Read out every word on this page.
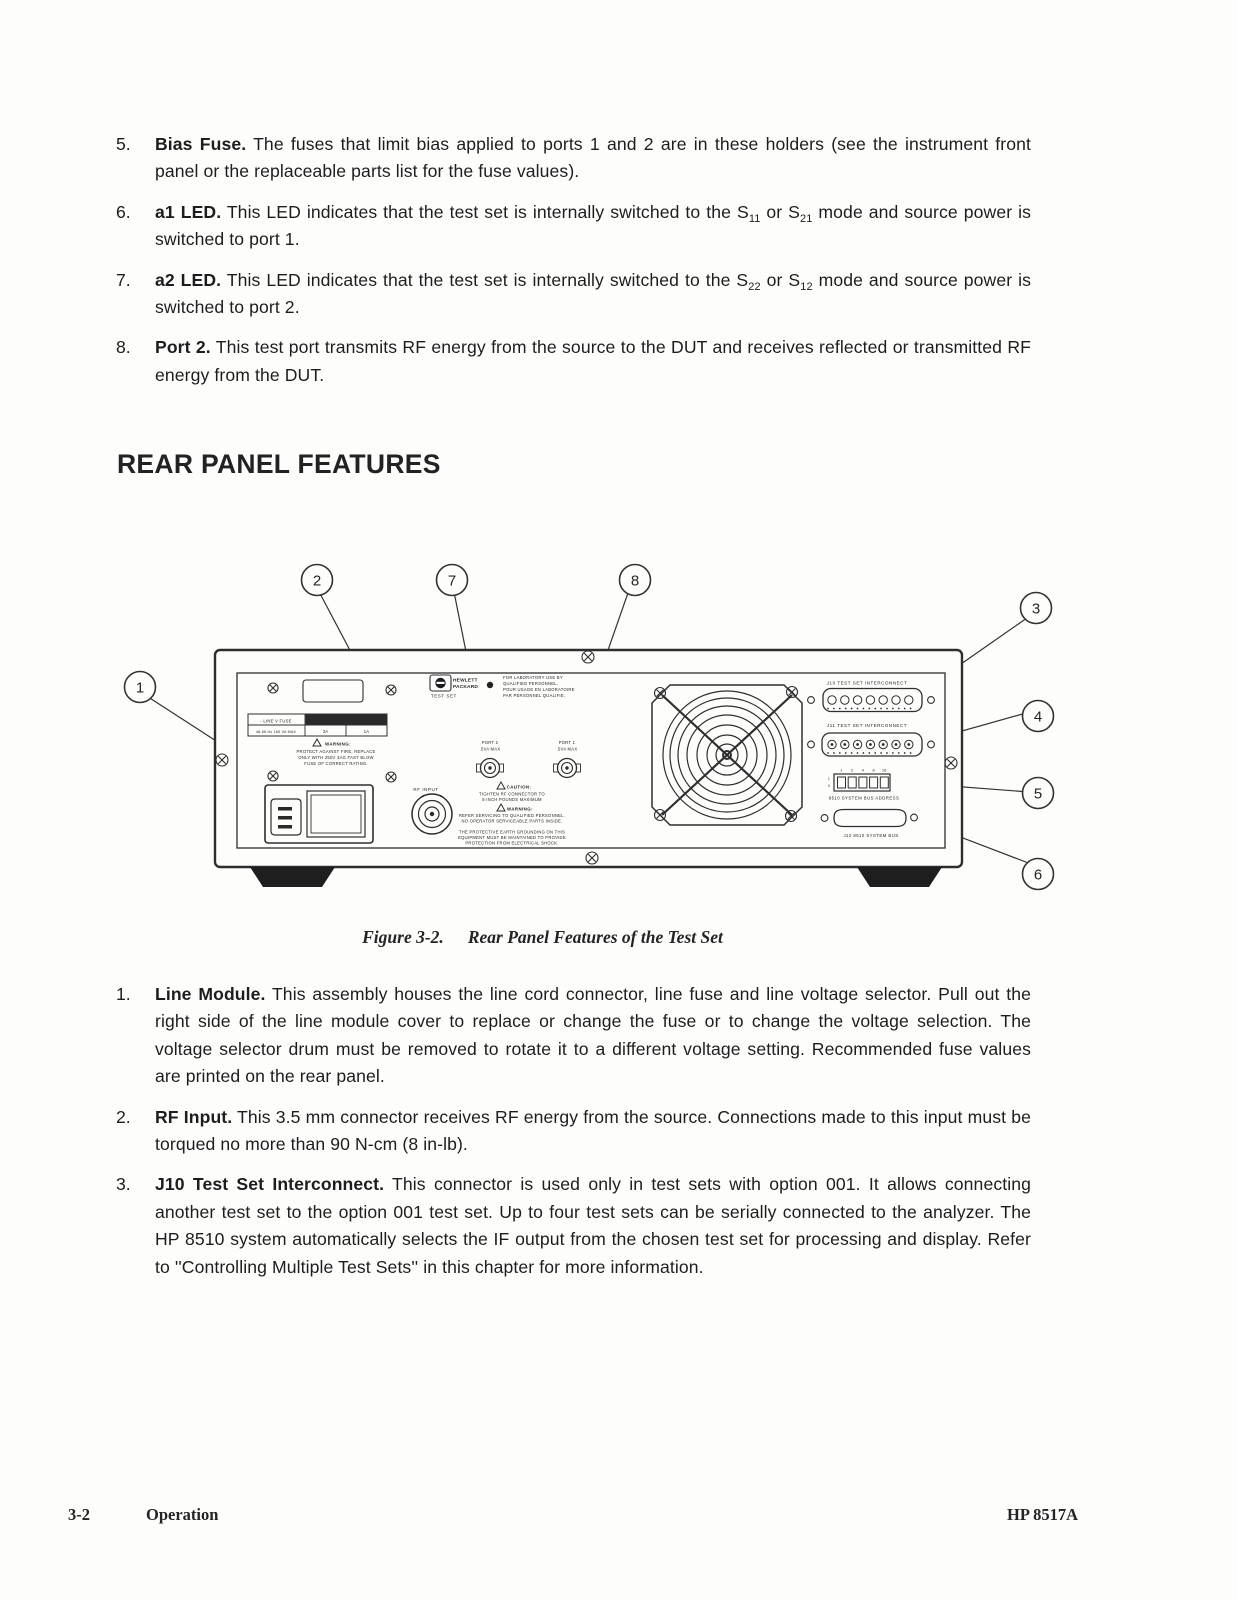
5.	Bias Fuse. The fuses that limit bias applied to ports 1 and 2 are in these holders (see the instrument front panel or the replaceable parts list for the fuse values).

6.	a1 LED. This LED indicates that the test set is internally switched to the $S_{11}$ or $S_{21}$ mode and source power is switched to port 1.

7.	a2 LED. This LED indicates that the test set is internally switched to the $S_{22}$ or $S_{12}$ mode and source power is switched to port 2.

8.	Port 2. This test port transmits RF energy from the source to the DUT and receives reflected or transmitted RF energy from the DUT.

REAR PANEL FEATURES
- LINE V FUSE
48-66 Hz 165 VA MAX	3A	1A
WARNING:
PROTECT AGAINST FIRE, REPLACE
ONLY WITH 250V 3AG FAST BLOW
FUSE OF CORRECT RATING.
HEWLETT
PACKARD
TEST SET
FOR LABORATORY USE BY
QUALIFIED PERSONNEL.
POUR USAGE EN LABORATOIRE
PAR PERSONNEL QUALIFIE.
RF INPUT
PORT 2
.5VA MAX
PORT 1
.5VA MAX
CAUTION:
TIGHTEN RF CONNECTOR TO
8 INCH POUNDS MAXIMUM
WARNING:
REFER SERVICING TO QUALIFIED PERSONNEL.
NO OPERATOR SERVICEABLE PARTS INSIDE.
THE PROTECTIVE EARTH GROUNDING ON THIS
EQUIPMENT MUST BE MAINTAINED TO PROVIDE
PROTECTION FROM ELECTRICAL SHOCK.
J10 TEST SET INTERCONNECT
J11 TEST SET INTERCONNECT
1 2 4 8 16
1
0
8510 SYSTEM BUS ADDRESS
J12 8510 SYSTEM BUS
1
2
3
4
5
6
7	8
Figure 3-2. Rear Panel Features of the Test Set
1.	Line Module. This assembly houses the line cord connector, line fuse and line voltage selector. Pull out the right side of the line module cover to replace or change the fuse or to change the voltage selection. The voltage selector drum must be removed to rotate it to a different voltage setting. Recommended fuse values are printed on the rear panel.

2.	RF Input. This 3.5 mm connector receives RF energy from the source. Connections made to this input must be torqued no more than 90 N-cm (8 in-lb).

3.	J10 Test Set Interconnect. This connector is used only in test sets with option 001. It allows connecting another test set to the option 001 test set. Up to four test sets can be serially connected to the analyzer. The HP 8510 system automatically selects the IF output from the chosen test set for processing and display. Refer to ''Controlling Multiple Test Sets'' in this chapter for more information.

3-2	Operation	HP 8517A
